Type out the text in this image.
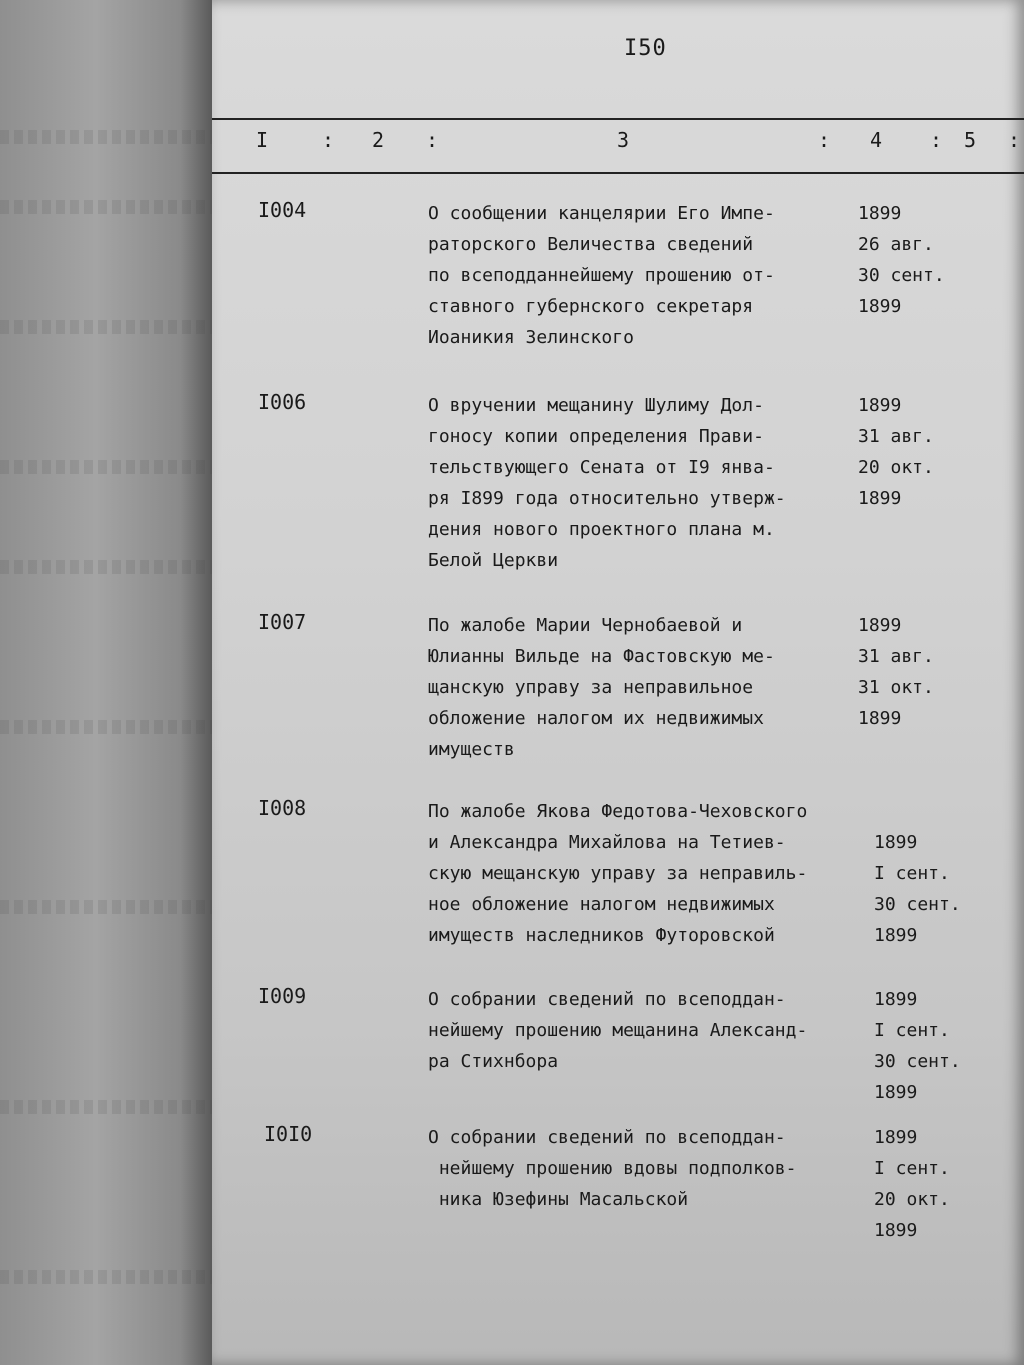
I50
I	: 2 :	3	: 4 : 5 :
I004	О сообщении канцелярии Его Импе-
раторского Величества сведений
по всеподданнейшему прошению от-
ставного губернского секретаря
Иоаникия Зелинского
1899
26 авг.
30 сент.
1899
I006	О вручении мещанину Шулиму Дол-
гоносу копии определения Прави-
тельствующего Сената от I9 янва-
ря I899 года относительно утверж-
дения нового проектного плана м.
Белой Церкви
1899
31 авг.
20 окт.
1899
I007	По жалобе Марии Чернобаевой и
Юлианны Вильде на Фастовскую ме-
щанскую управу за неправильное
обложение налогом их недвижимых
имуществ
1899
31 авг.
31 окт.
1899
I008	По жалобе Якова Федотова-Чеховского
и Александра Михайлова на Тетиев-
скую мещанскую управу за неправиль-
ное обложение налогом недвижимых
имуществ наследников Футоровской
1899
I сент.
30 сент.
1899
I009	О собрании сведений по всеподдан-
нейшему прошению мещанина Александ-
ра Стихнбора
1899
I сент.
30 сент.
1899
I0I0	О собрании сведений по всеподдан-
нейшему прошению вдовы подполков-
ника Юзефины Масальской
1899
I сент.
20 окт.
1899
